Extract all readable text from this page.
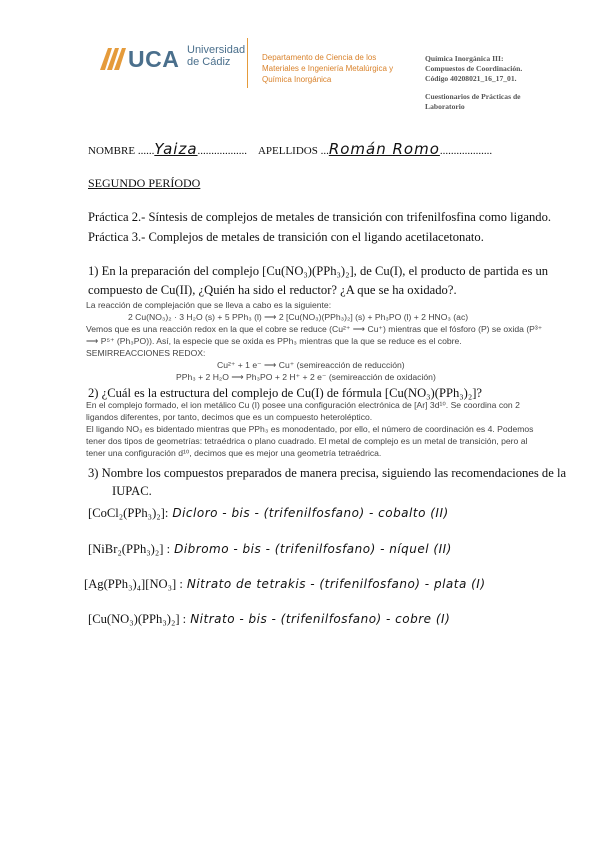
UCA Universidad
de Cádiz	Departamento de Ciencia de los
Materiales e Ingeniería Metalúrgica y
Química Inorgánica
Química Inorgánica III:
Compuestos de Coordinación.
Código 40208021_16_17_01.
Cuestionarios de Prácticas de
Laboratorio
NOMBRE ......Yaiza.................. APELLIDOS ...Román Romo...................
SEGUNDO PERÍODO
Práctica 2.- Síntesis de complejos de metales de transición con trifenilfosfina como ligando.
Práctica 3.- Complejos de metales de transición con el ligando acetilacetonato.
1) En la preparación del complejo [Cu(NO₃)(PPh₃)₂], de Cu(I), el producto de partida es un
compuesto de Cu(II), ¿Quién ha sido el reductor? ¿A que se ha oxidado?.
La reacción de complejación que se lleva a cabo es la siguiente:
2 Cu(NO₃)₂ · 3 H₂O (s) + 5 PPh₃ (l) ⟶ 2 [Cu(NO₃)(PPh₃)₂] (s) + Ph₃PO (l) + 2 HNO₃ (ac)
Vemos que es una reacción redox en la que el cobre se reduce (Cu²⁺ ⟶ Cu⁺) mientras que el fósforo (P) se oxida (P³⁺
⟶ P⁵⁺ (Ph₃PO)). Así, la especie que se oxida es PPh₃ mientras que la que se reduce es el cobre.
SEMIRREACCIONES REDOX:
Cu²⁺ + 1 e⁻ ⟶ Cu⁺ (semireacción de reducción)
PPh₃ + 2 H₂O ⟶ Ph₃PO + 2 H⁺ + 2 e⁻ (semireacción de oxidación)
2) ¿Cuál es la estructura del complejo de Cu(I) de fórmula [Cu(NO₃)(PPh₃)₂]?
En el complejo formado, el ion metálico Cu (I) posee una configuración electrónica de [Ar] 3d¹⁰. Se coordina con 2
ligandos diferentes, por tanto, decimos que es un compuesto heteroléptico.
El ligando NO₃ es bidentado mientras que PPh₃ es monodentado, por ello, el número de coordinación es 4. Podemos
tener dos tipos de geometrías: tetraédrica o plano cuadrado. El metal de complejo es un metal de transición, pero al
tener una configuración d¹⁰, decimos que es mejor una geometría tetraédrica.
3) Nombre los compuestos preparados de manera precisa, siguiendo las recomendaciones de la
IUPAC.
[CoCl₂(PPh₃)₂]: Dicloro - bis - (trifenilfosfano) - cobalto (II)
[NiBr₂(PPh₃)₂] : Dibromo - bis - (trifenilfosfano) - níquel (II)
[Ag(PPh₃)₄][NO₃] : Nitrato de tetrakis - (trifenilfosfano) - plata (I)
[Cu(NO₃)(PPh₃)₂] : Nitrato - bis - (trifenilfosfano) - cobre (I)
